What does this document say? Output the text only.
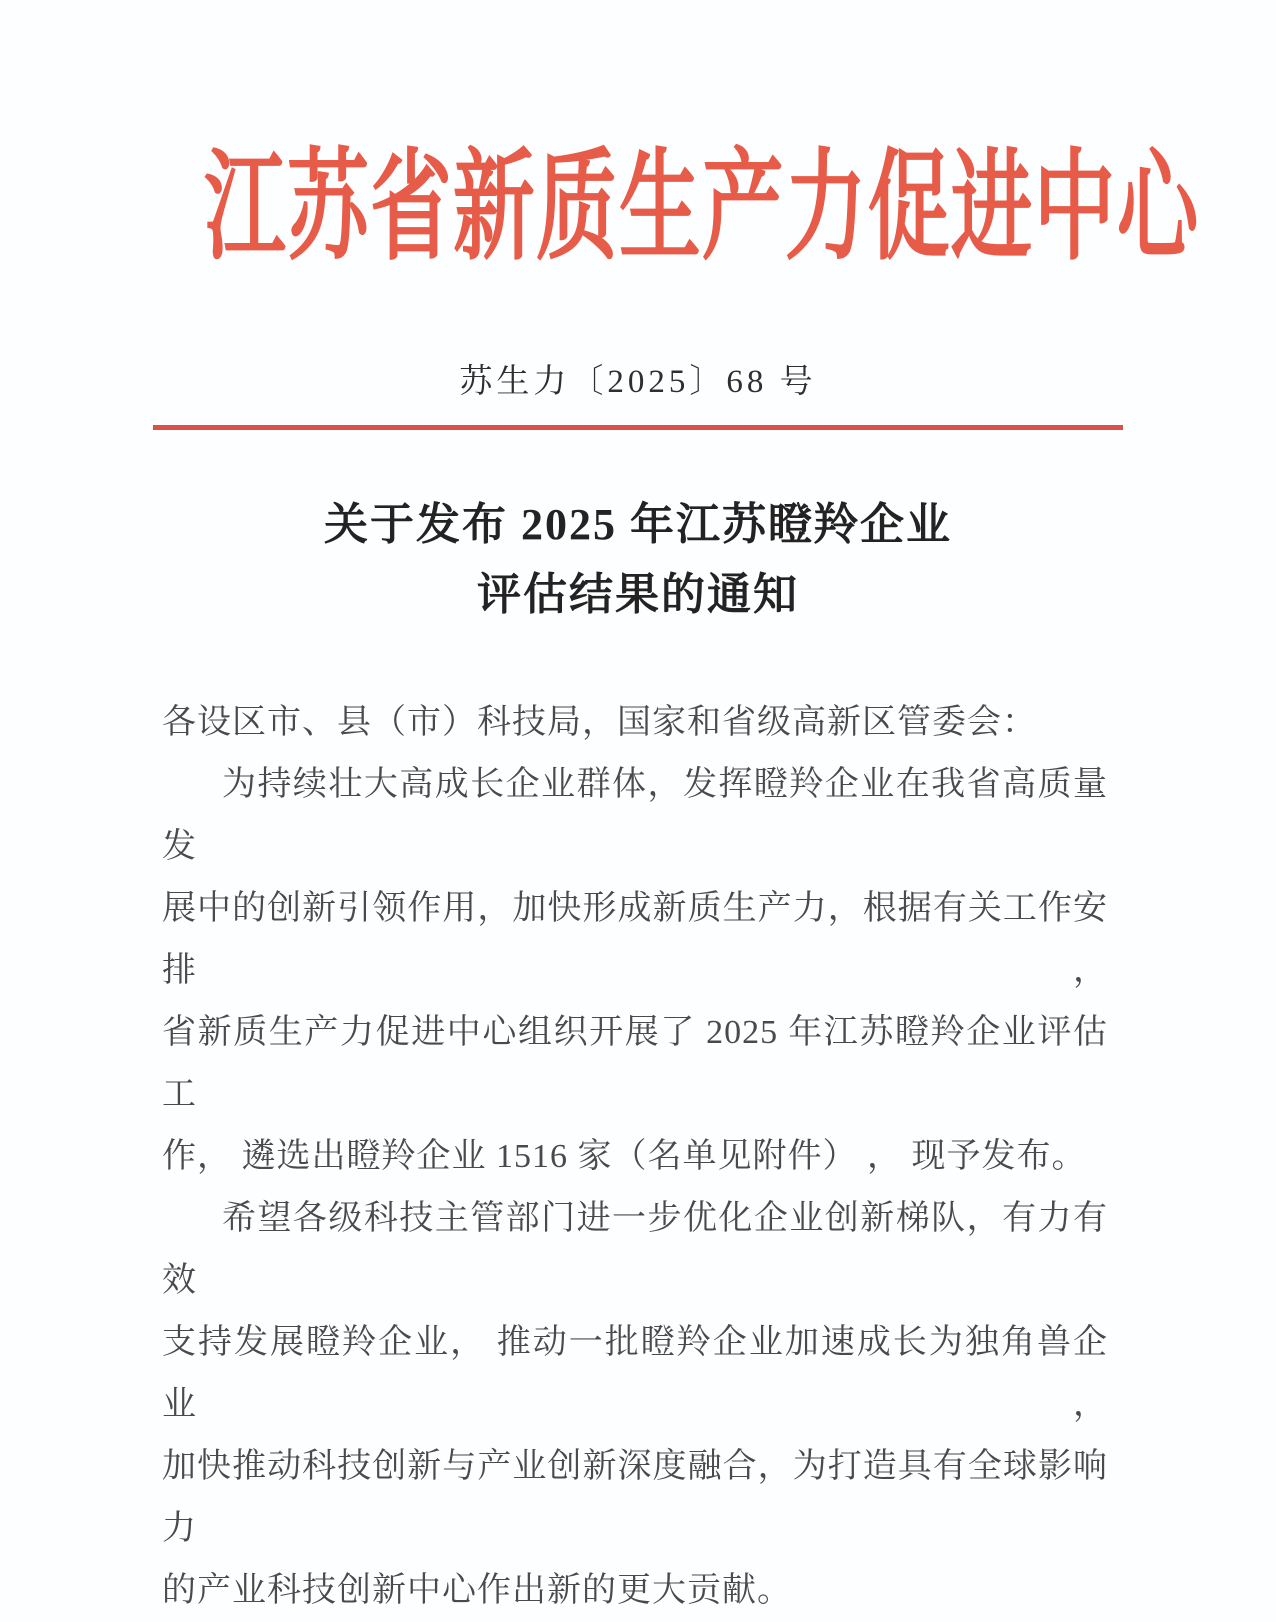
江苏省新质生产力促进中心
苏生力〔2025〕68 号
关于发布 2025 年江苏瞪羚企业
评估结果的通知
各设区市、县（市）科技局，国家和省级高新区管委会：
为持续壮大高成长企业群体，发挥瞪羚企业在我省高质量发
展中的创新引领作用，加快形成新质生产力，根据有关工作安排，
省新质生产力促进中心组织开展了 2025 年江苏瞪羚企业评估工
作， 遴选出瞪羚企业 1516 家（名单见附件） ， 现予发布。
希望各级科技主管部门进一步优化企业创新梯队，有力有效
支持发展瞪羚企业， 推动一批瞪羚企业加速成长为独角兽企业，
加快推动科技创新与产业创新深度融合，为打造具有全球影响力
的产业科技创新中心作出新的更大贡献。
